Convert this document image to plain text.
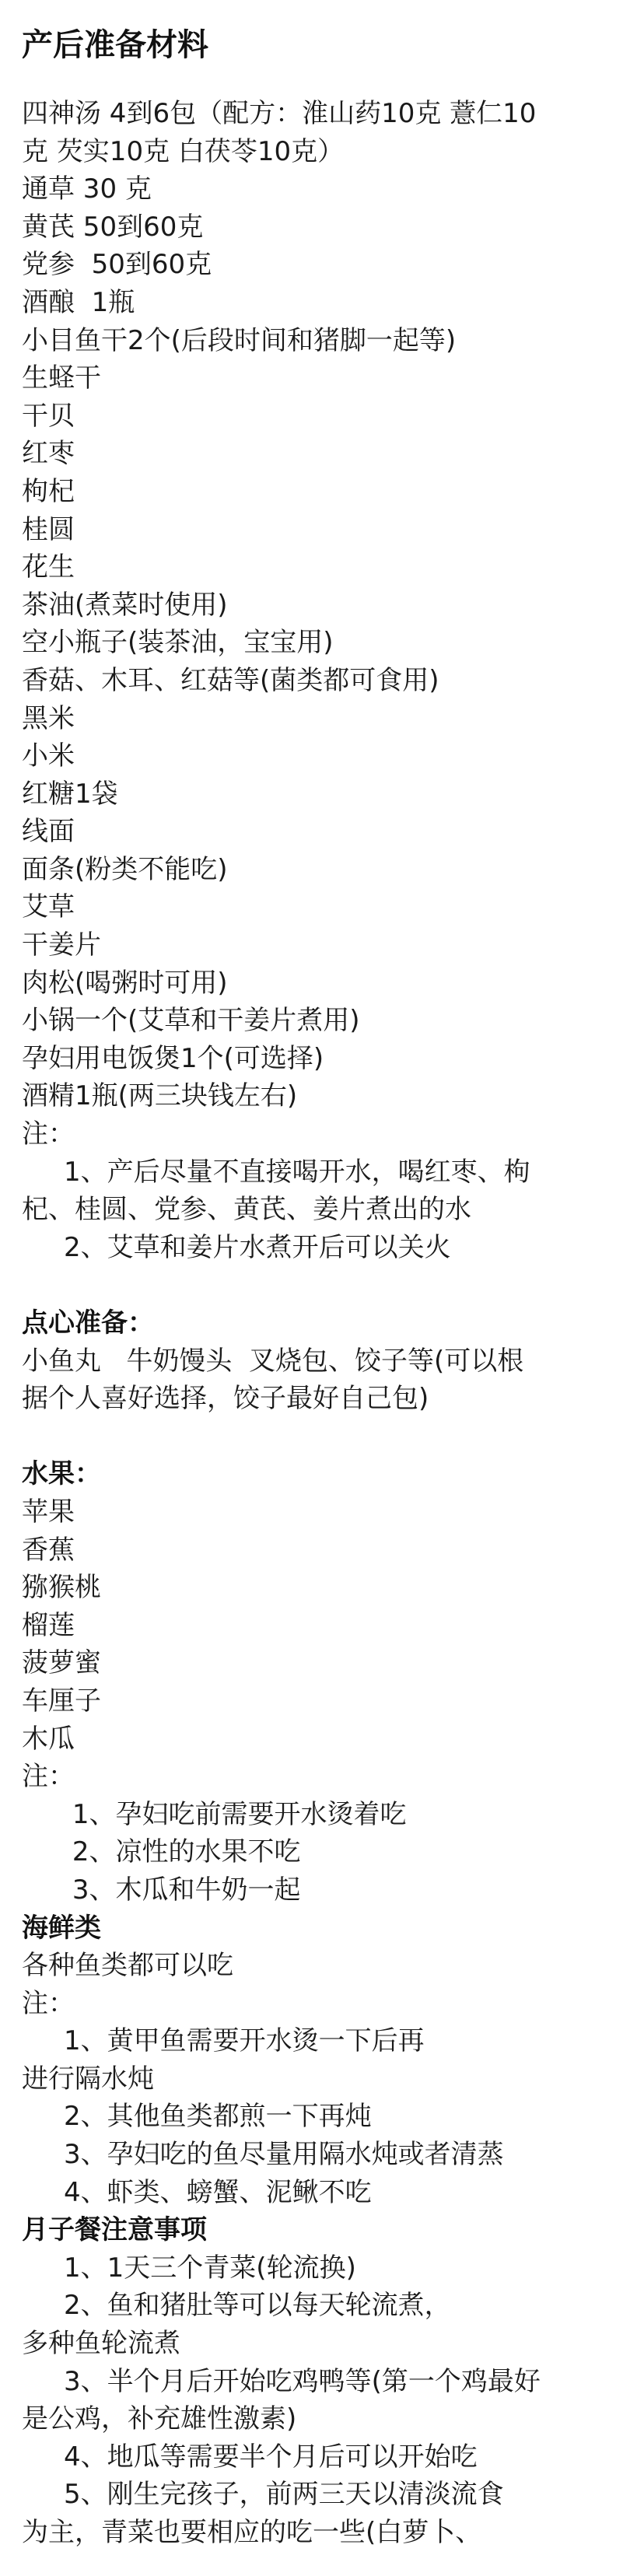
产后准备材料
四神汤 4到6包（配方：淮山药10克 薏仁10
克 芡实10克 白茯苓10克）
通草 30 克
黄芪 50到60克
党参  50到60克
酒酿  1瓶
小目鱼干2个(后段时间和猪脚一起等)
生蛏干
干贝
红枣
枸杞
桂圆
花生
茶油(煮菜时使用)
空小瓶子(装茶油，宝宝用)
香菇、木耳、红菇等(菌类都可食用)
黑米
小米
红糖1袋
线面
面条(粉类不能吃)
艾草
干姜片
肉松(喝粥时可用)
小锅一个(艾草和干姜片煮用)
孕妇用电饭煲1个(可选择)
酒精1瓶(两三块钱左右)
注：
1、产后尽量不直接喝开水，喝红枣、枸
杞、桂圆、党参、黄芪、姜片煮出的水
2、艾草和姜片水煮开后可以关火
点心准备：
小鱼丸   牛奶馒头  叉烧包、饺子等(可以根
据个人喜好选择，饺子最好自己包)
水果：
苹果
香蕉
猕猴桃
榴莲
菠萝蜜
车厘子
木瓜
注：
1、孕妇吃前需要开水烫着吃
2、凉性的水果不吃
3、木瓜和牛奶一起
海鲜类
各种鱼类都可以吃
注：
1、黄甲鱼需要开水烫一下后再
进行隔水炖
2、其他鱼类都煎一下再炖
3、孕妇吃的鱼尽量用隔水炖或者清蒸
4、虾类、螃蟹、泥鳅不吃
月子餐注意事项
1、1天三个青菜(轮流换)
2、鱼和猪肚等可以每天轮流煮，
多种鱼轮流煮
3、半个月后开始吃鸡鸭等(第一个鸡最好
是公鸡，补充雄性激素)
4、地瓜等需要半个月后可以开始吃
5、刚生完孩子，前两三天以清淡流食
为主，青菜也要相应的吃一些(白萝卜、
